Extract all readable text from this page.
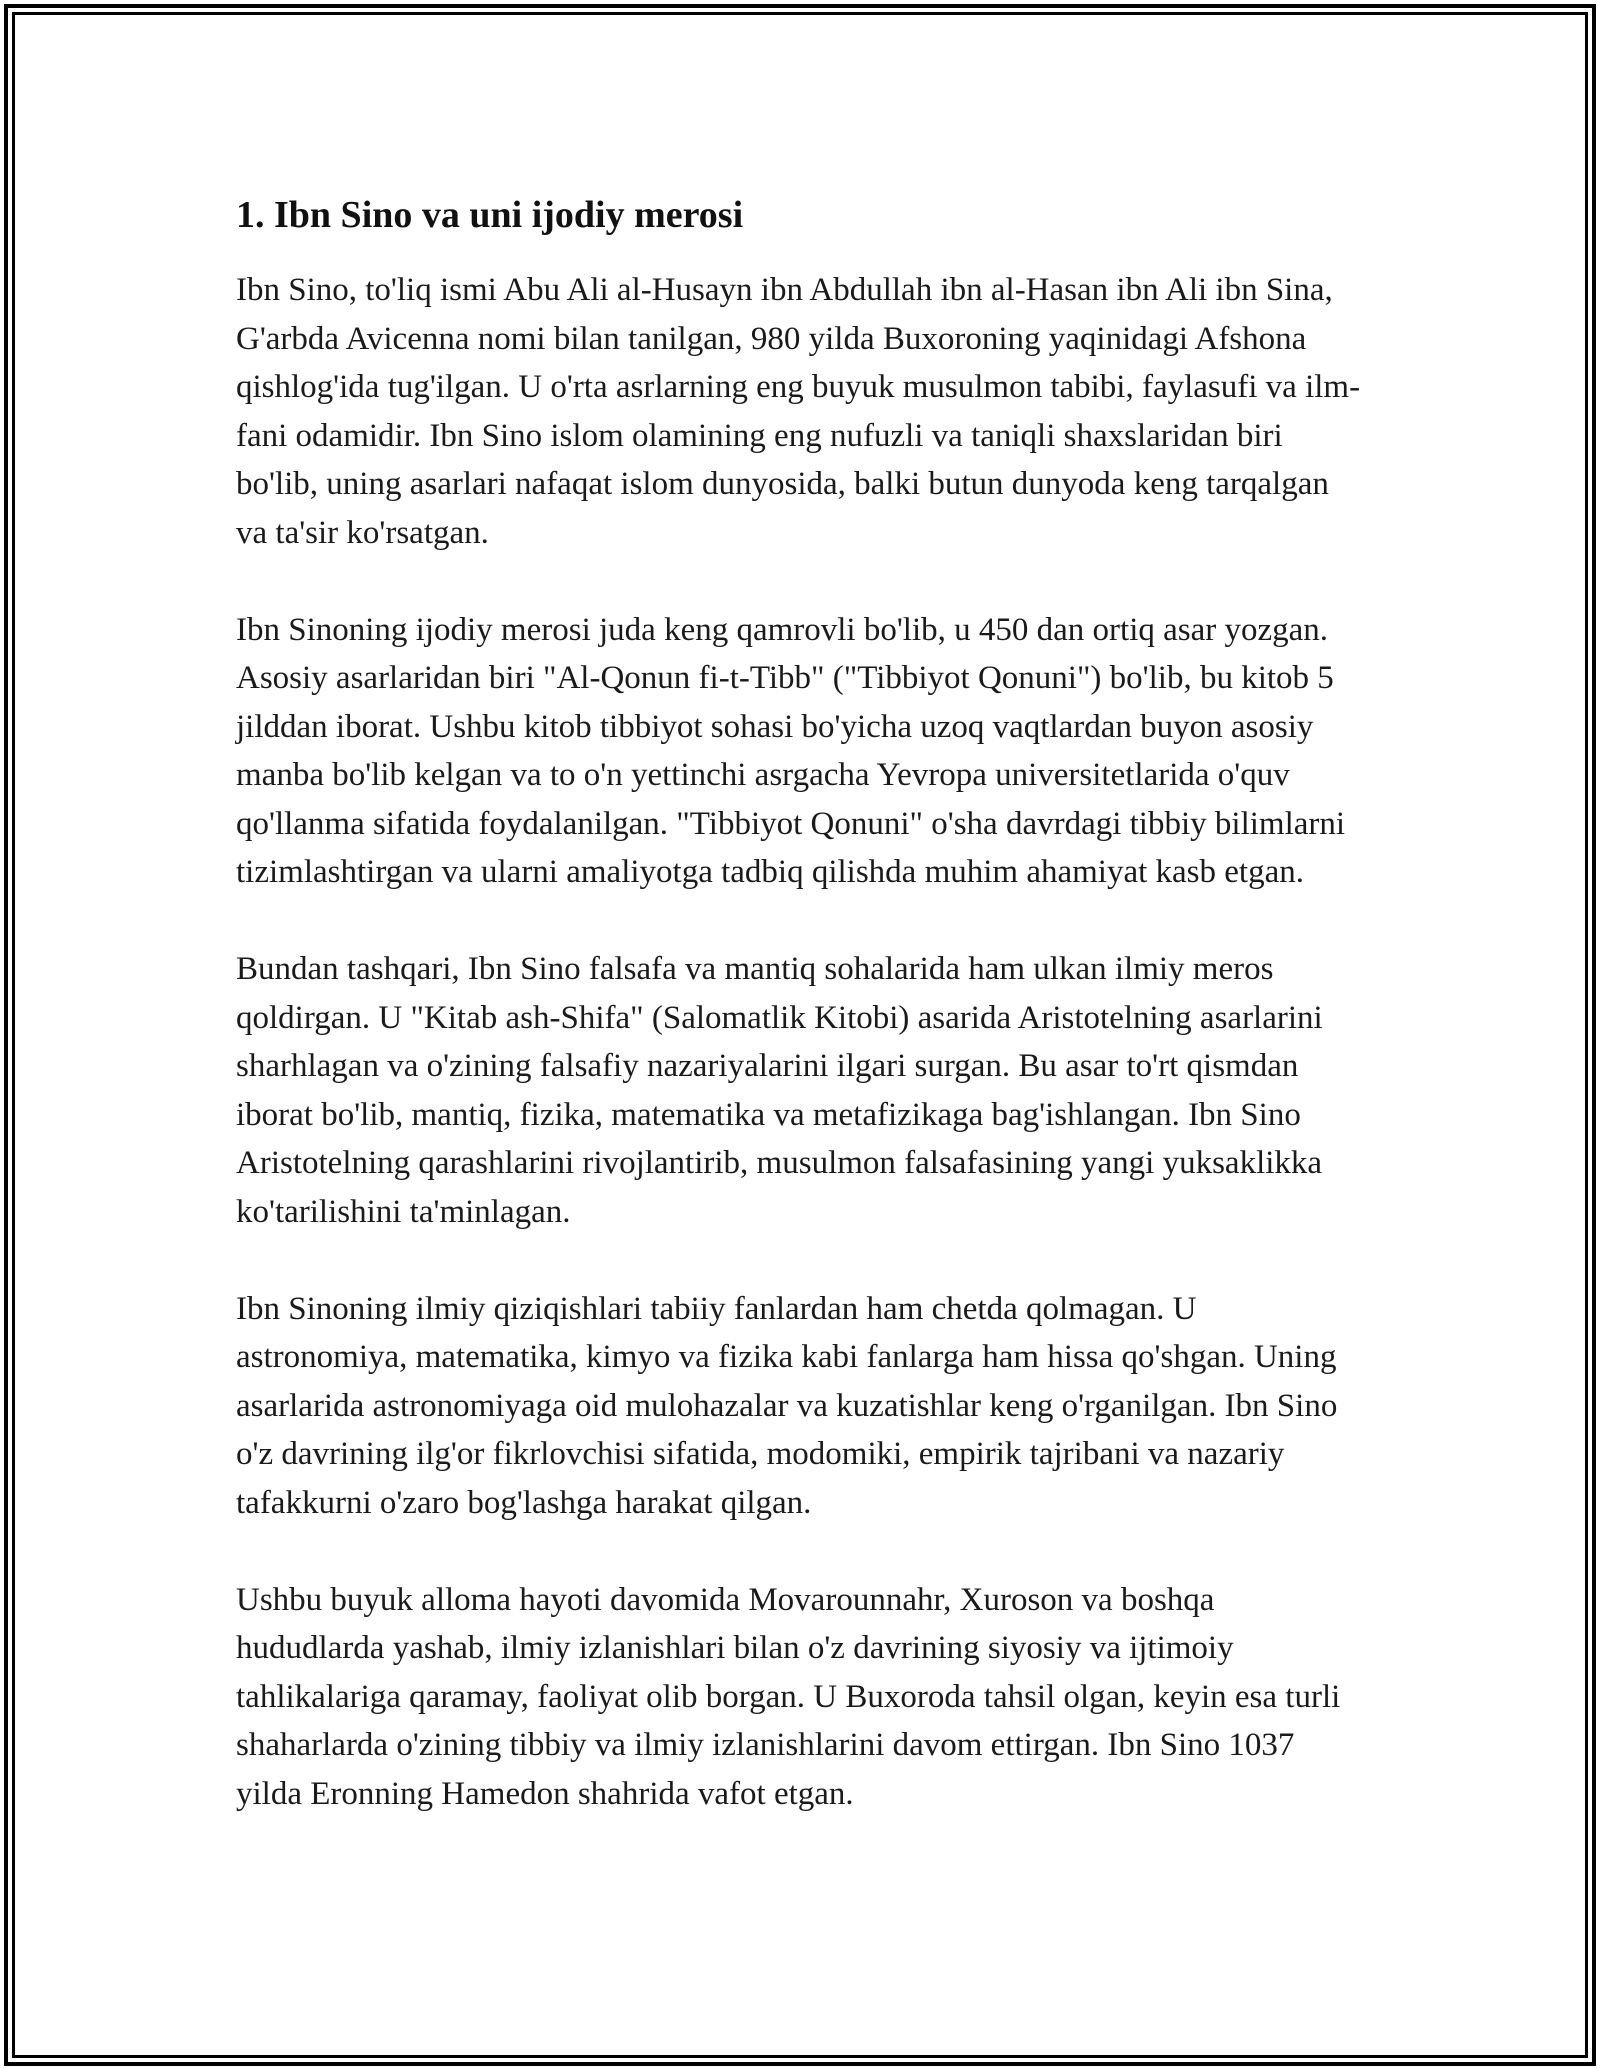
1. Ibn Sino va uni ijodiy merosi

Ibn Sino, to'liq ismi Abu Ali al-Husayn ibn Abdullah ibn al-Hasan ibn Ali ibn Sina, G'arbda Avicenna nomi bilan tanilgan, 980 yilda Buxoroning yaqinidagi Afshona qishlog'ida tug'ilgan. U o'rta asrlarning eng buyuk musulmon tabibi, faylasufi va ilm-fani odamidir. Ibn Sino islom olamining eng nufuzli va taniqli shaxslaridan biri bo'lib, uning asarlari nafaqat islom dunyosida, balki butun dunyoda keng tarqalgan va ta'sir ko'rsatgan.

Ibn Sinoning ijodiy merosi juda keng qamrovli bo'lib, u 450 dan ortiq asar yozgan. Asosiy asarlaridan biri "Al-Qonun fi-t-Tibb" ("Tibbiyot Qonuni") bo'lib, bu kitob 5 jilddan iborat. Ushbu kitob tibbiyot sohasi bo'yicha uzoq vaqtlardan buyon asosiy manba bo'lib kelgan va to o'n yettinchi asrgacha Yevropa universitetlarida o'quv qo'llanma sifatida foydalanilgan. "Tibbiyot Qonuni" o'sha davrdagi tibbiy bilimlarni tizimlashtirgan va ularni amaliyotga tadbiq qilishda muhim ahamiyat kasb etgan.

Bundan tashqari, Ibn Sino falsafa va mantiq sohalarida ham ulkan ilmiy meros qoldirgan. U "Kitab ash-Shifa" (Salomatlik Kitobi) asarida Aristotelning asarlarini sharhlagan va o'zining falsafiy nazariyalarini ilgari surgan. Bu asar to'rt qismdan iborat bo'lib, mantiq, fizika, matematika va metafizikaga bag'ishlangan. Ibn Sino Aristotelning qarashlarini rivojlantirib, musulmon falsafasining yangi yuksaklikka ko'tarilishini ta'minlagan.

Ibn Sinoning ilmiy qiziqishlari tabiiy fanlardan ham chetda qolmagan. U astronomiya, matematika, kimyo va fizika kabi fanlarga ham hissa qo'shgan. Uning asarlarida astronomiyaga oid mulohazalar va kuzatishlar keng o'rganilgan. Ibn Sino o'z davrining ilg'or fikrlovchisi sifatida, modomiki, empirik tajribani va nazariy tafakkurni o'zaro bog'lashga harakat qilgan.

Ushbu buyuk alloma hayoti davomida Movarounnahr, Xuroson va boshqa hududlarda yashab, ilmiy izlanishlari bilan o'z davrining siyosiy va ijtimoiy tahlikalariga qaramay, faoliyat olib borgan. U Buxoroda tahsil olgan, keyin esa turli shaharlarda o'zining tibbiy va ilmiy izlanishlarini davom ettirgan. Ibn Sino 1037 yilda Eronning Hamedon shahrida vafot etgan.
